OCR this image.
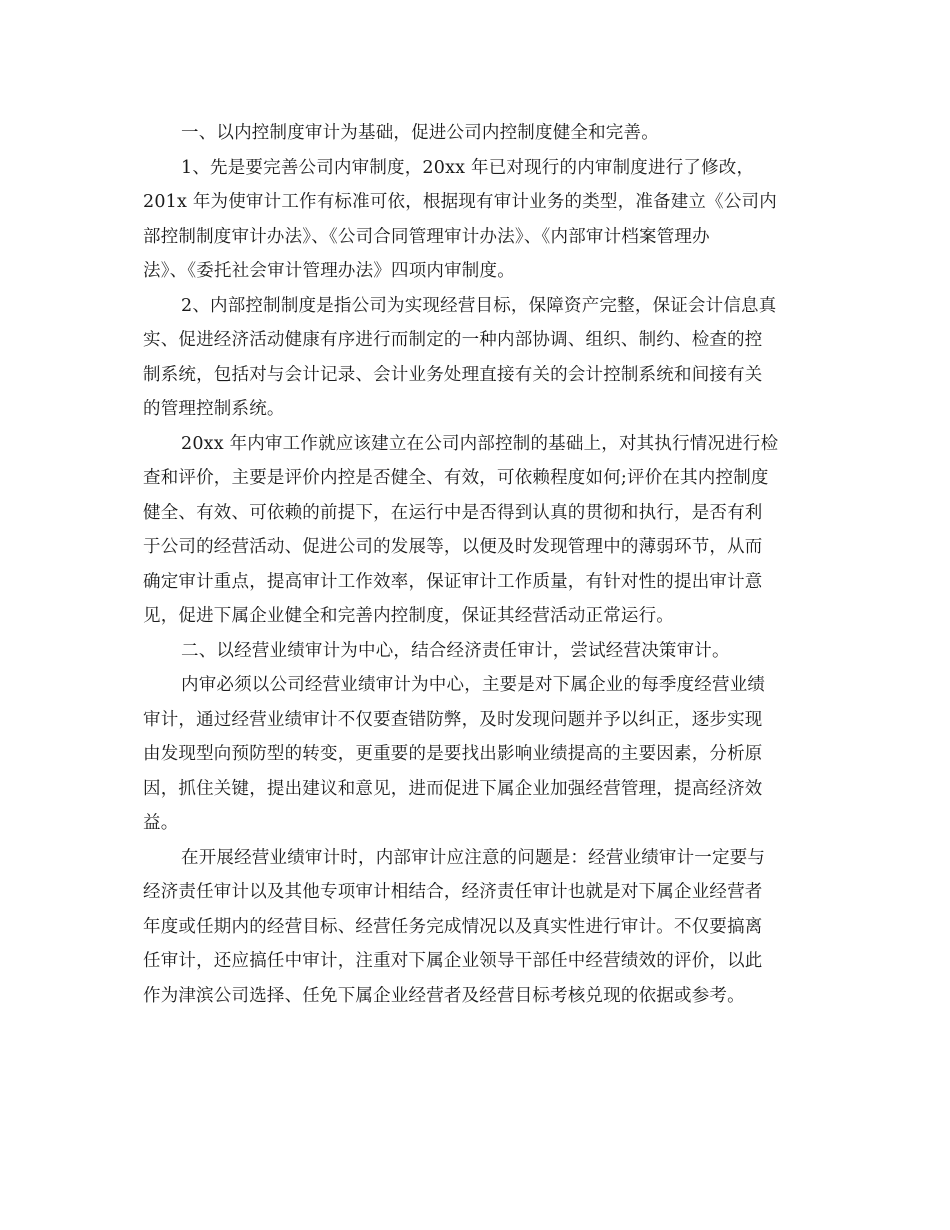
一、以内控制度审计为基础，促进公司内控制度健全和完善。
1、先是要完善公司内审制度，20xx 年已对现行的内审制度进行了修改，
201x 年为使审计工作有标准可依，根据现有审计业务的类型，准备建立《公司内
部控制制度审计办法》、《公司合同管理审计办法》、《内部审计档案管理办
法》、《委托社会审计管理办法》四项内审制度。
2、内部控制制度是指公司为实现经营目标，保障资产完整，保证会计信息真
实、促进经济活动健康有序进行而制定的一种内部协调、组织、制约、检查的控
制系统，包括对与会计记录、会计业务处理直接有关的会计控制系统和间接有关
的管理控制系统。
20xx 年内审工作就应该建立在公司内部控制的基础上，对其执行情况进行检
查和评价，主要是评价内控是否健全、有效，可依赖程度如何;评价在其内控制度
健全、有效、可依赖的前提下，在运行中是否得到认真的贯彻和执行，是否有利
于公司的经营活动、促进公司的发展等，以便及时发现管理中的薄弱环节，从而
确定审计重点，提高审计工作效率，保证审计工作质量，有针对性的提出审计意
见，促进下属企业健全和完善内控制度，保证其经营活动正常运行。
二、以经营业绩审计为中心，结合经济责任审计，尝试经营决策审计。
内审必须以公司经营业绩审计为中心，主要是对下属企业的每季度经营业绩
审计，通过经营业绩审计不仅要查错防弊，及时发现问题并予以纠正，逐步实现
由发现型向预防型的转变，更重要的是要找出影响业绩提高的主要因素，分析原
因，抓住关键，提出建议和意见，进而促进下属企业加强经营管理，提高经济效
益。
在开展经营业绩审计时，内部审计应注意的问题是：经营业绩审计一定要与
经济责任审计以及其他专项审计相结合，经济责任审计也就是对下属企业经营者
年度或任期内的经营目标、经营任务完成情况以及真实性进行审计。不仅要搞离
任审计，还应搞任中审计，注重对下属企业领导干部任中经营绩效的评价，以此
作为津滨公司选择、任免下属企业经营者及经营目标考核兑现的依据或参考。
